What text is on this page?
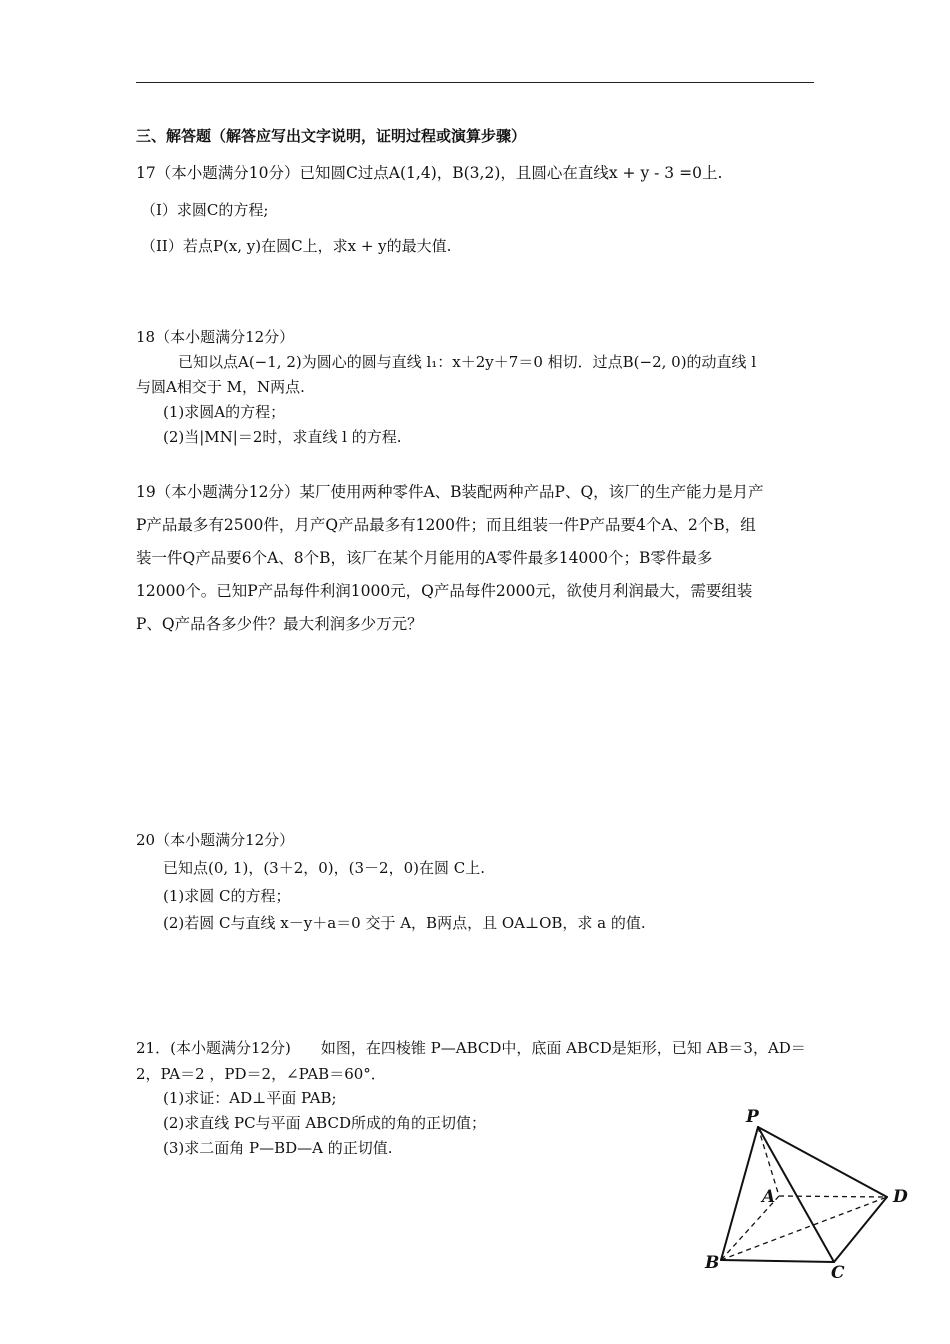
三、解答题（解答应写出文字说明，证明过程或演算步骤）
17（本小题满分10分）已知圆C过点A(1,4)，B(3,2)，且圆心在直线x + y - 3 =0上.
（I）求圆C的方程;
（II）若点P(x, y)在圆C上，求x + y的最大值.
18（本小题满分12分）
已知以点A(−1, 2)为圆心的圆与直线 l₁：x＋2y＋7＝0 相切．过点B(−2, 0)的动直线 l
与圆A相交于 M，N两点.
(1)求圆A的方程；
(2)当|MN|＝2时，求直线 l 的方程.
19（本小题满分12分）某厂使用两种零件A、B装配两种产品P、Q，该厂的生产能力是月产
P产品最多有2500件，月产Q产品最多有1200件；而且组装一件P产品要4个A、2个B，组
装一件Q产品要6个A、8个B，该厂在某个月能用的A零件最多14000个；B零件最多
12000个。已知P产品每件利润1000元，Q产品每件2000元，欲使月利润最大，需要组装
P、Q产品各多少件？最大利润多少万元？
20（本小题满分12分）
已知点(0, 1)，(3＋2，0)，(3－2，0)在圆 C上.
(1)求圆 C的方程；
(2)若圆 C与直线 x－y＋a＝0 交于 A，B两点，且 OA⊥OB，求 a 的值.
21．(本小题满分12分)　　如图，在四棱锥 P—ABCD中，底面 ABCD是矩形，已知 AB＝3，AD＝
2，PA＝2 ，PD＝2，∠PAB＝60°．
(1)求证：AD⊥平面 PAB;
(2)求直线 PC与平面 ABCD所成的角的正切值；
(3)求二面角 P—BD—A 的正切值.
P
A
B	C
D
